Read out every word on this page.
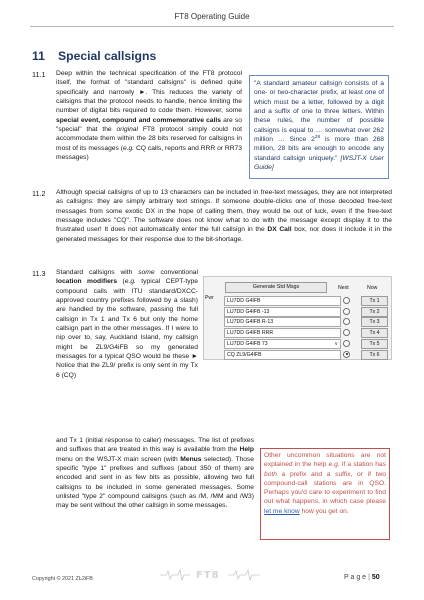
FT8 Operating Guide
11 Special callsigns
11.1 Deep within the technical specification of the FT8 protocol itself, the format of "standard callsigns" is defined quite specifically and narrowly ►. This reduces the variety of callsigns that the protocol needs to handle, hence limiting the number of digital bits required to code them. However, some special event, compound and commemorative calls are so "special" that the original FT8 protocol simply could not accommodate them within the 28 bits reserved for callsigns in most of its messages (e.g. CQ calls, reports and RRR or RR73 messages)
"A standard amateur callsign consists of a one- or two-character prefix, at least one of which must be a letter, followed by a digit and a suffix of one to three letters. Within these rules, the number of possible callsigns is equal to … somewhat over 262 million … Since $2^{28}$ is more than 268 million, 28 bits are enough to encode any standard callsign uniquely." [WSJT-X User Guide]
11.2 Although special callsigns of up to 13 characters can be included in free-text messages, they are not interpreted as callsigns: they are simply arbitrary text strings. If someone double-clicks one of those decoded free-text messages from some exotic DX in the hope of calling them, they would be out of luck, even if the free-text message includes "CQ". The software does not know what to do with the message except display it to the frustrated user! It does not automatically enter the full callsign in the DX Call box, nor does it include it in the generated messages for their response due to the bit-shortage.
11.3 Standard callsigns with some conventional location modifiers (e.g. typical CEPT-type compound calls with ITU standard/DXCC-approved country prefixes followed by a slash) are handled by the software, passing the full callsign in Tx 1 and Tx 6 but only the home callsign part in the other messages. If I were to nip over to, say, Auckland Island, my callsign might be ZL9/G4iFB so my generated messages for a typical QSO would be these ► Notice that the ZL9/ prefix is only sent in my Tx 6 (CQ)
and Tx 1 (initial response to caller) messages. The list of prefixes and suffixes that are treated in this way is available from the Help menu on the WSJT-X main screen (with Menus selected). Those specific "type 1" prefixes and suffixes (about 350 of them) are encoded and sent in as few bits as possible, allowing two full callsigns to be included in some generated messages. Some unlisted "type 2" compound callsigns (such as /M, /MM and /W3) may be sent without the other callsign in some messages.
Generate Std Msgs	Next	Now
Pwr	LU7DD G4IFB	Tx 1
LU7DD G4IFB -13	Tx 2
LU7DD G4IFB R-13	Tx 3
LU7DD G4IFB RRR	Tx 4
LU7DD G4IFB 73	∨	Tx 5
CQ ZL9/G4IFB	Tx 6
Other uncommon situations are not explained in the help e.g. if a station has both a prefix and a suffix, or if two compound-call stations are in QSO. Perhaps you'd care to experiment to find out what happens, in which case please let me know how you get on.
Copyright © 2021 ZL2iFB	FT8	P a g e | 50
